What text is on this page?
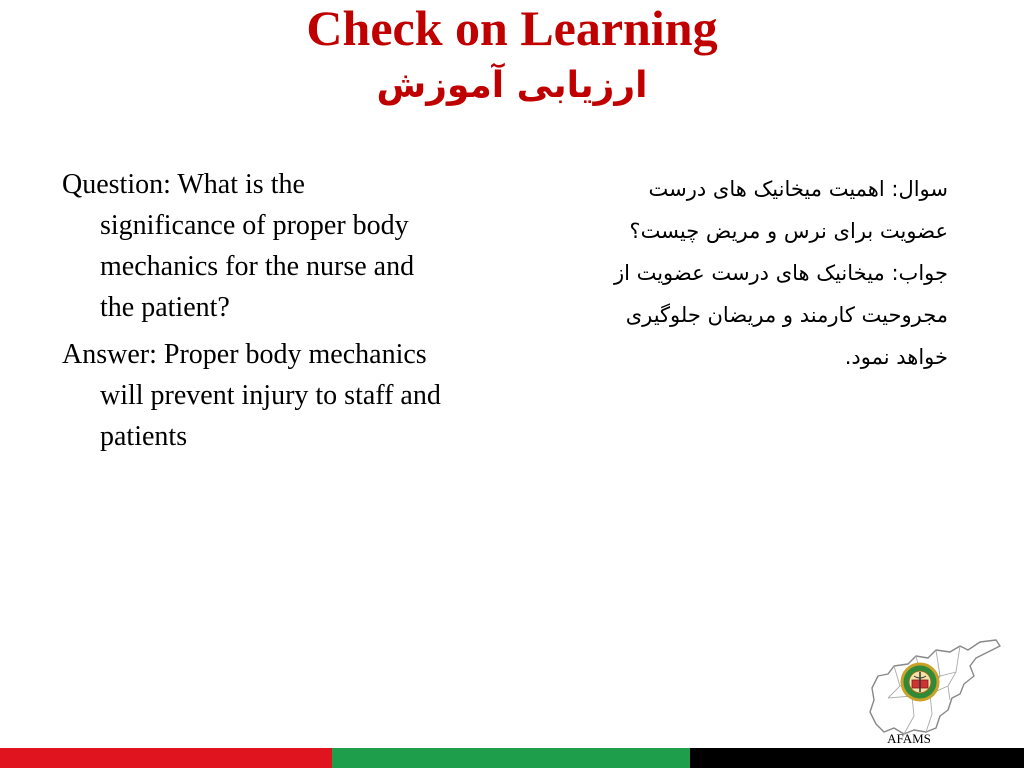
Check on Learning
ارزیابی آموزش

Question: What is the significance of proper body mechanics for the nurse and the patient?

Answer: Proper body mechanics will prevent injury to staff and patients

سوال: اهمیت میخانیک های درست عضویت برای نرس و مریض چیست؟

جواب: میخانیک های درست عضویت از مجروحیت کارمند و مریضان جلوگیری خواهد نمود.

AFAMS
